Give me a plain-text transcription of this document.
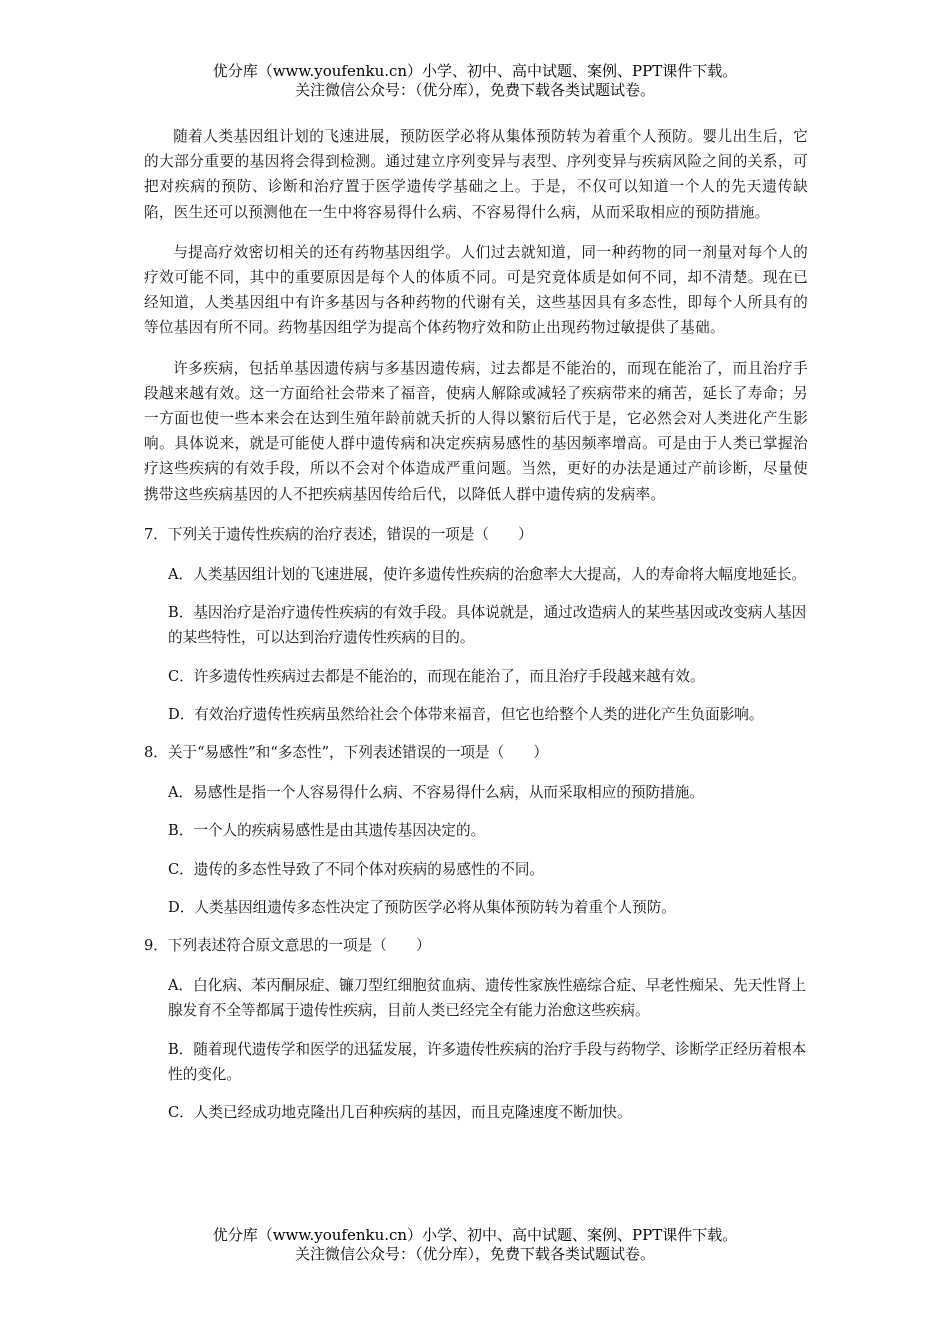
优分库（www.youfenku.cn）小学、初中、高中试题、案例、PPT课件下载。
关注微信公众号：（优分库），免费下载各类试题试卷。

随着人类基因组计划的飞速进展，预防医学必将从集体预防转为着重个人预防。婴儿出生后，它的大部分重要的基因将会得到检测。通过建立序列变异与表型、序列变异与疾病风险之间的关系，可把对疾病的预防、诊断和治疗置于医学遗传学基础之上。于是，不仅可以知道一个人的先天遗传缺陷，医生还可以预测他在一生中将容易得什么病、不容易得什么病，从而采取相应的预防措施。

与提高疗效密切相关的还有药物基因组学。人们过去就知道，同一种药物的同一剂量对每个人的疗效可能不同，其中的重要原因是每个人的体质不同。可是究竟体质是如何不同，却不清楚。现在已经知道，人类基因组中有许多基因与各种药物的代谢有关，这些基因具有多态性，即每个人所具有的等位基因有所不同。药物基因组学为提高个体药物疗效和防止出现药物过敏提供了基础。

许多疾病，包括单基因遗传病与多基因遗传病，过去都是不能治的，而现在能治了，而且治疗手段越来越有效。这一方面给社会带来了福音，使病人解除或减轻了疾病带来的痛苦，延长了寿命；另一方面也使一些本来会在达到生殖年龄前就夭折的人得以繁衍后代于是，它必然会对人类进化产生影响。具体说来，就是可能使人群中遗传病和决定疾病易感性的基因频率增高。可是由于人类已掌握治疗这些疾病的有效手段，所以不会对个体造成严重问题。当然，更好的办法是通过产前诊断，尽量使携带这些疾病基因的人不把疾病基因传给后代，以降低人群中遗传病的发病率。

7．下列关于遗传性疾病的治疗表述，错误的一项是（　　）

A．人类基因组计划的飞速进展，使许多遗传性疾病的治愈率大大提高，人的寿命将大幅度地延长。

B．基因治疗是治疗遗传性疾病的有效手段。具体说就是，通过改造病人的某些基因或改变病人基因的某些特性，可以达到治疗遗传性疾病的目的。

C．许多遗传性疾病过去都是不能治的，而现在能治了，而且治疗手段越来越有效。

D．有效治疗遗传性疾病虽然给社会个体带来福音，但它也给整个人类的进化产生负面影响。

8．关于“易感性”和“多态性”，下列表述错误的一项是（　　）

A．易感性是指一个人容易得什么病、不容易得什么病，从而采取相应的预防措施。

B．一个人的疾病易感性是由其遗传基因决定的。

C．遗传的多态性导致了不同个体对疾病的易感性的不同。

D．人类基因组遗传多态性决定了预防医学必将从集体预防转为着重个人预防。

9．下列表述符合原文意思的一项是（　　）

A．白化病、苯丙酮尿症、镰刀型红细胞贫血病、遗传性家族性癌综合症、早老性痴呆、先天性肾上腺发育不全等都属于遗传性疾病，目前人类已经完全有能力治愈这些疾病。

B．随着现代遗传学和医学的迅猛发展，许多遗传性疾病的治疗手段与药物学、诊断学正经历着根本性的变化。

C．人类已经成功地克隆出几百种疾病的基因，而且克隆速度不断加快。

优分库（www.youfenku.cn）小学、初中、高中试题、案例、PPT课件下载。
关注微信公众号：（优分库），免费下载各类试题试卷。
